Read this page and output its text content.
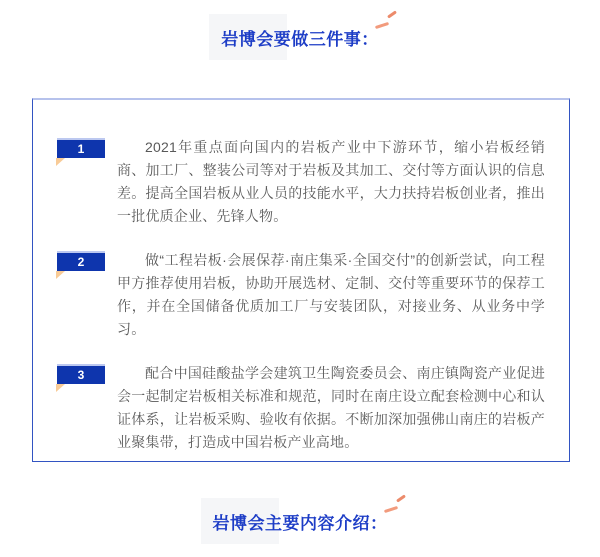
岩博会要做三件事：
1	2021年重点面向国内的岩板产业中下游环节，缩小岩板经销商、加工厂、整装公司等对于岩板及其加工、交付等方面认识的信息差。提高全国岩板从业人员的技能水平，大力扶持岩板创业者，推出一批优质企业、先锋人物。

2	做“工程岩板·会展保荐·南庄集采·全国交付”的创新尝试，向工程甲方推荐使用岩板，协助开展选材、定制、交付等重要环节的保荐工作，并在全国储备优质加工厂与安装团队，对接业务、从业务中学习。

3	配合中国硅酸盐学会建筑卫生陶瓷委员会、南庄镇陶瓷产业促进会一起制定岩板相关标准和规范，同时在南庄设立配套检测中心和认证体系，让岩板采购、验收有依据。不断加深加强佛山南庄的岩板产业聚集带，打造成中国岩板产业高地。

岩博会主要内容介绍：
